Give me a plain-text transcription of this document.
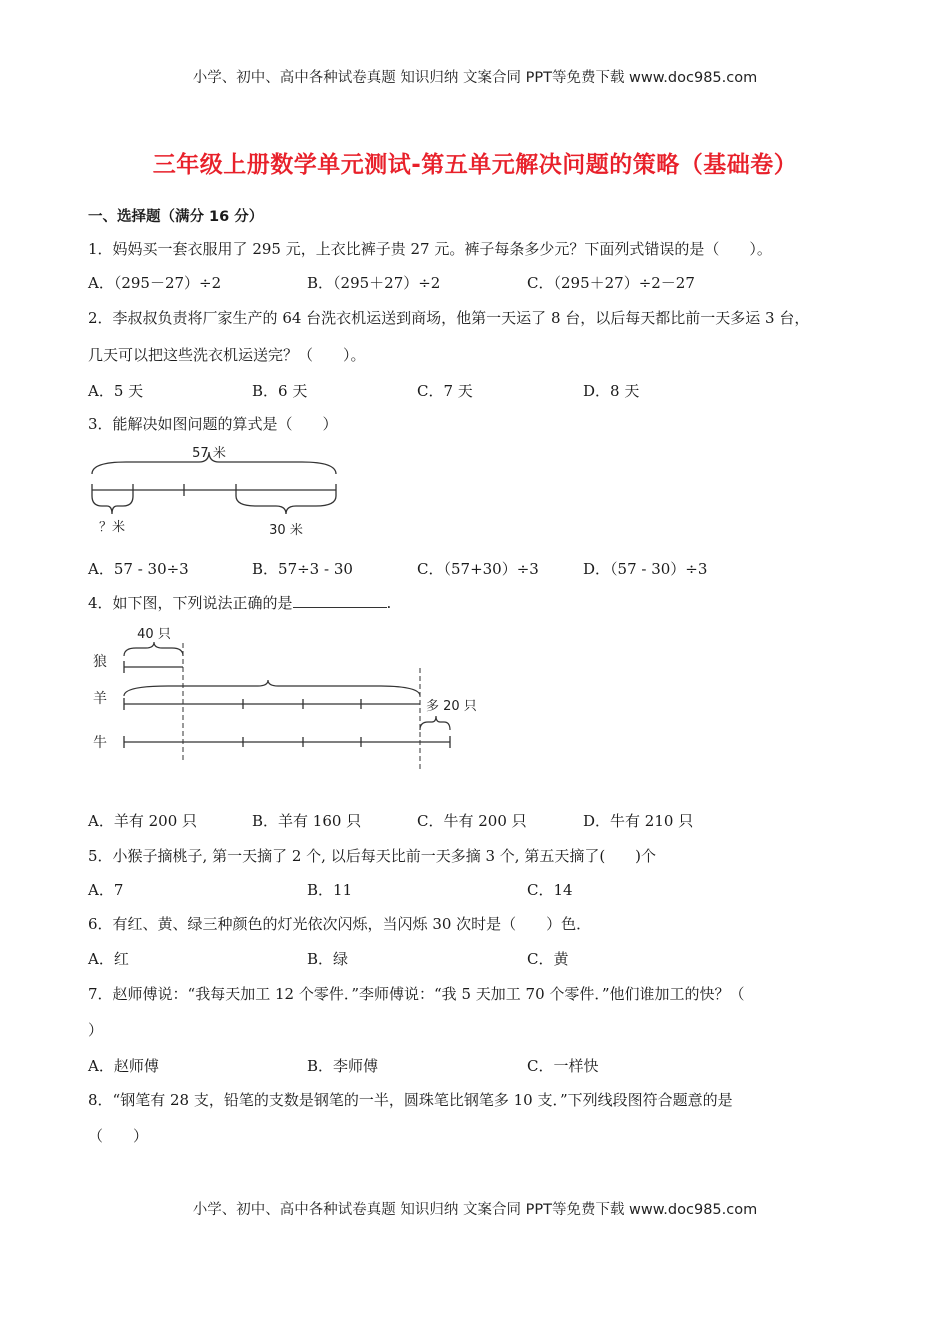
小学、初中、高中各种试卷真题 知识归纳 文案合同 PPT等免费下载 www.doc985.com
小学、初中、高中各种试卷真题 知识归纳 文案合同 PPT等免费下载 www.doc985.com
三年级上册数学单元测试-第五单元解决问题的策略（基础卷）
一、选择题（满分 16 分）
1．妈妈买一套衣服用了 295 元，上衣比裤子贵 27 元。裤子每条多少元？下面列式错误的是（　　）。
A．（295－27）÷2	B．（295＋27）÷2	C．（295＋27）÷2－27
2．李叔叔负责将厂家生产的 64 台洗衣机运送到商场，他第一天运了 8 台，以后每天都比前一天多运 3 台，
几天可以把这些洗衣机运送完？（　　）。
A．5 天	B．6 天	C．7 天	D．8 天
3．能解决如图问题的算式是（　　）
57 米
？米	30 米
A．57 - 30÷3	B．57÷3 - 30	C．（57+30）÷3	D．（57 - 30）÷3
4．如下图，下列说法正确的是	.
40 只
狼
羊	多 20 只
牛
A．羊有 200 只	B．羊有 160 只	C．牛有 200 只	D．牛有 210 只
5．小猴子摘桃子, 第一天摘了 2 个, 以后每天比前一天多摘 3 个, 第五天摘了(　　)个
A．7	B．11	C．14
6．有红、黄、绿三种颜色的灯光依次闪烁，当闪烁 30 次时是（　　）色．
A．红	B．绿	C．黄
7．赵师傅说：“我每天加工 12 个零件．”李师傅说：“我 5 天加工 70 个零件．”他们谁加工的快？（
）
A．赵师傅	B．李师傅	C．一样快
8．“钢笔有 28 支，铅笔的支数是钢笔的一半，圆珠笔比钢笔多 10 支．”下列线段图符合题意的是
（　　）
